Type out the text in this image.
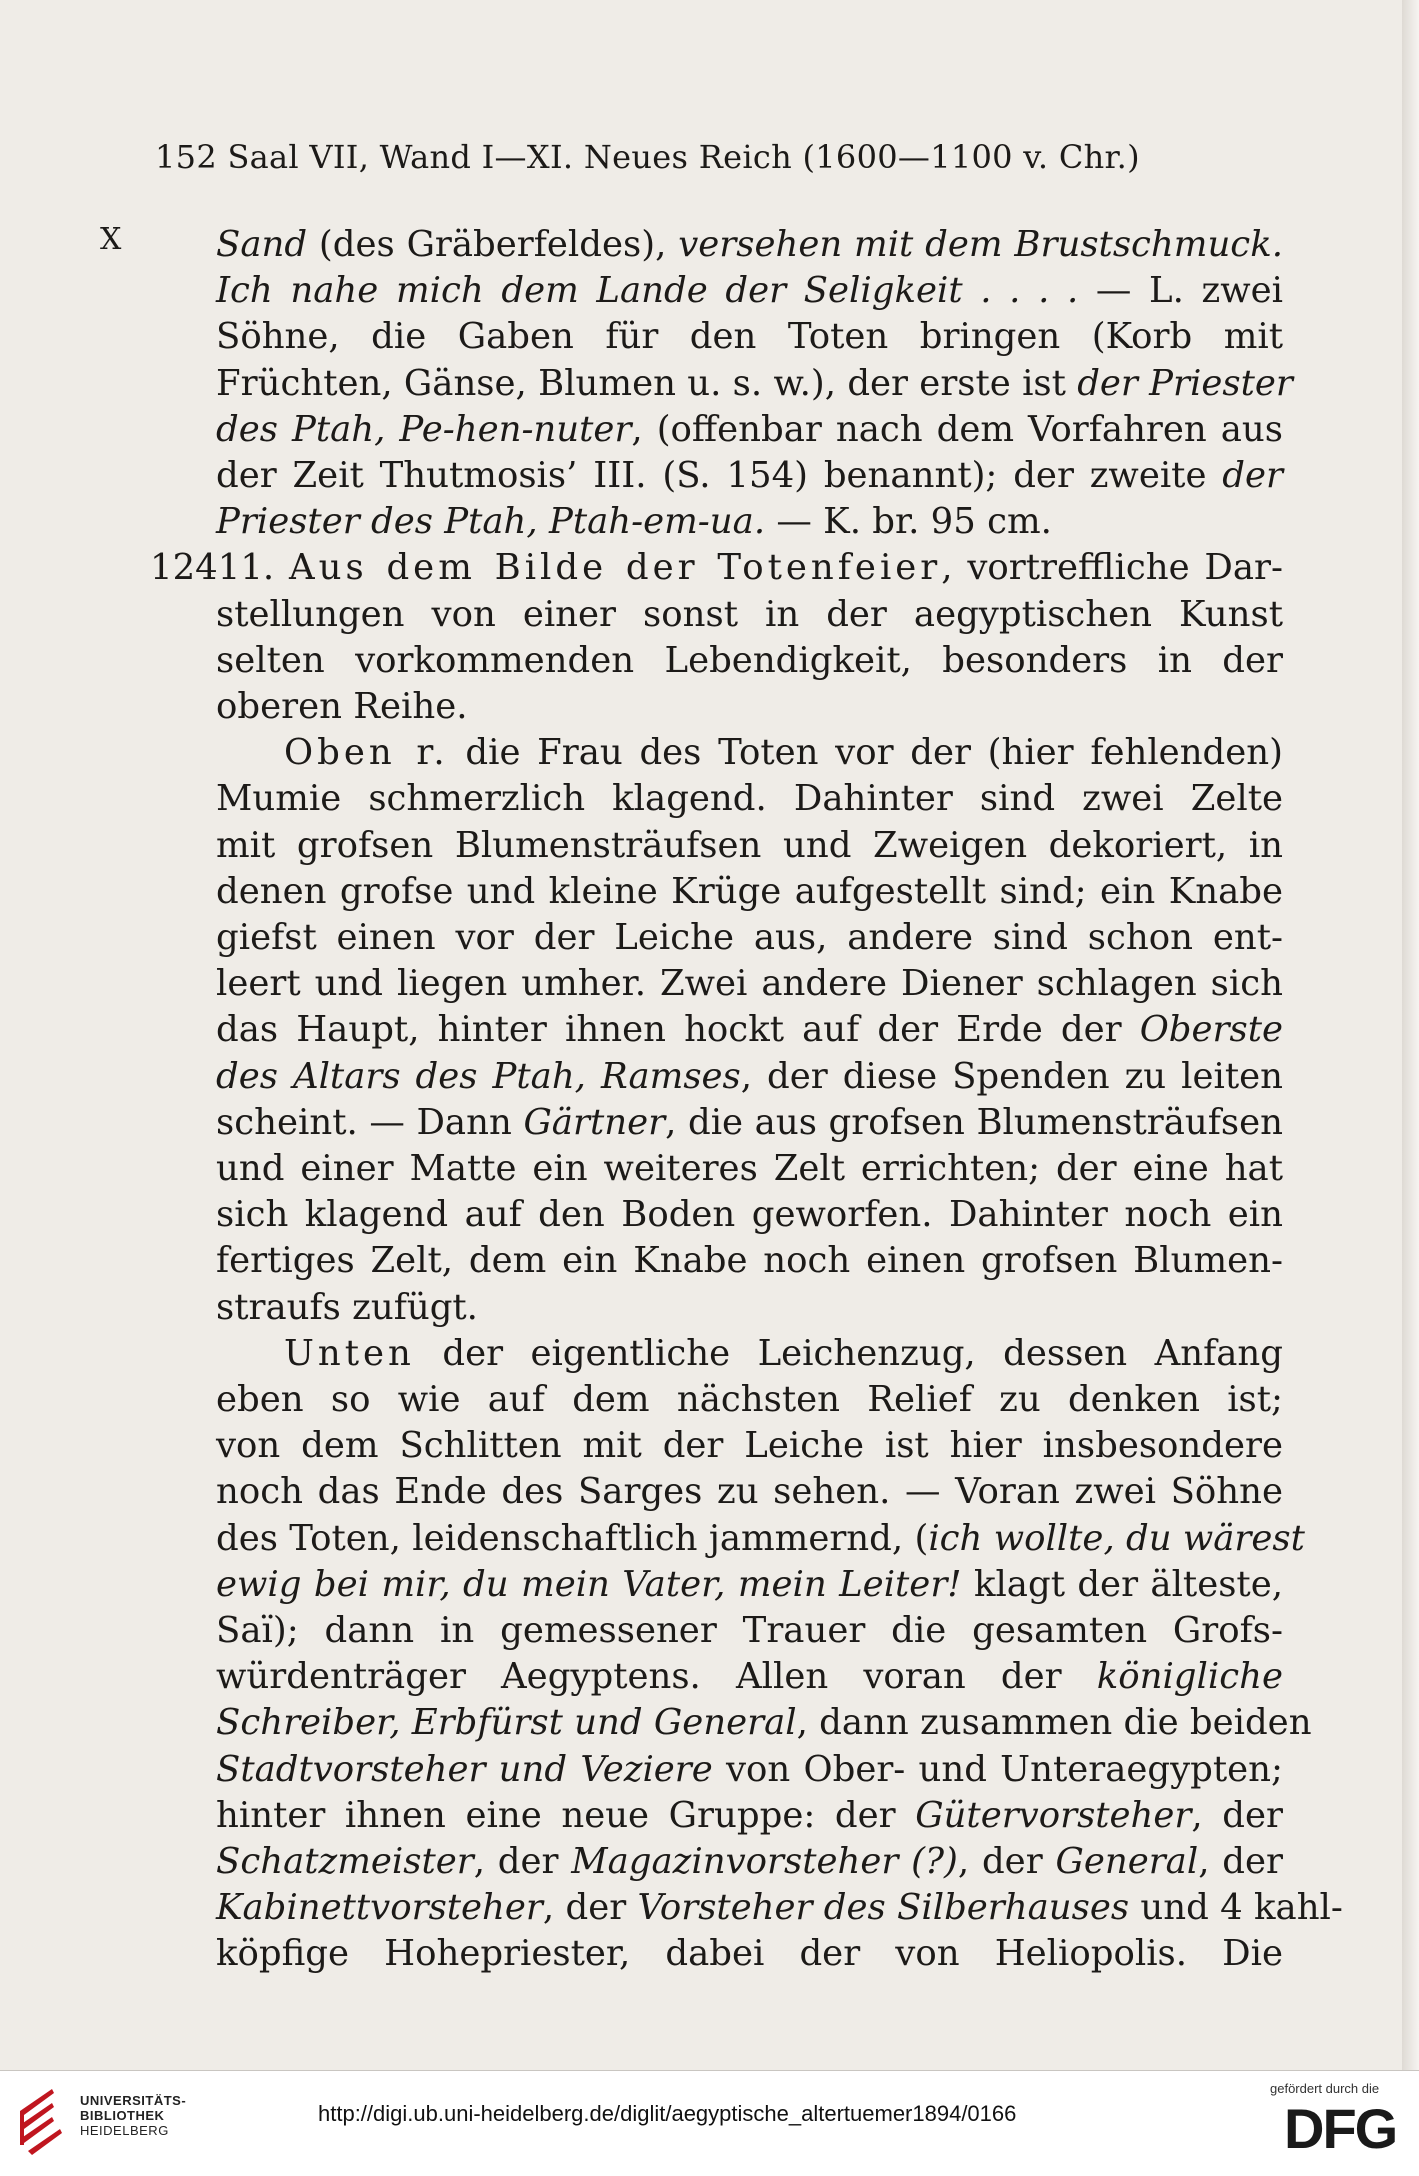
152 Saal VII, Wand I—XI. Neues Reich (1600—1100 v. Chr.)
X	Sand (des Gräberfeldes), versehen mit dem Brustschmuck.
Ich nahe mich dem Lande der Seligkeit . . . . — L. zwei
Söhne, die Gaben für den Toten bringen (Korb mit
Früchten, Gänse, Blumen u. s. w.), der erste ist der Priester
des Ptah, Pe-hen-nuter, (offenbar nach dem Vorfahren aus
der Zeit Thutmosis’ III. (S. 154) benannt); der zweite der
Priester des Ptah, Ptah-em-ua. — K. br. 95 cm.
12411. Aus dem Bilde der Totenfeier, vortreffliche Dar-
stellungen von einer sonst in der aegyptischen Kunst
selten vorkommenden Lebendigkeit, besonders in der
oberen Reihe.
Oben r. die Frau des Toten vor der (hier fehlenden)
Mumie schmerzlich klagend. Dahinter sind zwei Zelte
mit grofsen Blumensträufsen und Zweigen dekoriert, in
denen grofse und kleine Krüge aufgestellt sind; ein Knabe
giefst einen vor der Leiche aus, andere sind schon ent-
leert und liegen umher. Zwei andere Diener schlagen sich
das Haupt, hinter ihnen hockt auf der Erde der Oberste
des Altars des Ptah, Ramses, der diese Spenden zu leiten
scheint. — Dann Gärtner, die aus grofsen Blumensträufsen
und einer Matte ein weiteres Zelt errichten; der eine hat
sich klagend auf den Boden geworfen. Dahinter noch ein
fertiges Zelt, dem ein Knabe noch einen grofsen Blumen-
straufs zufügt.
Unten der eigentliche Leichenzug, dessen Anfang
eben so wie auf dem nächsten Relief zu denken ist;
von dem Schlitten mit der Leiche ist hier insbesondere
noch das Ende des Sarges zu sehen. — Voran zwei Söhne
des Toten, leidenschaftlich jammernd, (ich wollte, du wärest
ewig bei mir, du mein Vater, mein Leiter! klagt der älteste,
Saï); dann in gemessener Trauer die gesamten Grofs-
würdenträger Aegyptens. Allen voran der königliche
Schreiber, Erbfürst und General, dann zusammen die beiden
Stadtvorsteher und Veziere von Ober- und Unteraegypten;
hinter ihnen eine neue Gruppe: der Gütervorsteher, der
Schatzmeister, der Magazinvorsteher (?), der General, der
Kabinettvorsteher, der Vorsteher des Silberhauses und 4 kahl-
köpfige Hohepriester, dabei der von Heliopolis. Die
UNIVERSITÄTS-
BIBLIOTHEK
HEIDELBERG
http://digi.ub.uni-heidelberg.de/diglit/aegyptische_altertuemer1894/0166
gefördert durch die
DFG
